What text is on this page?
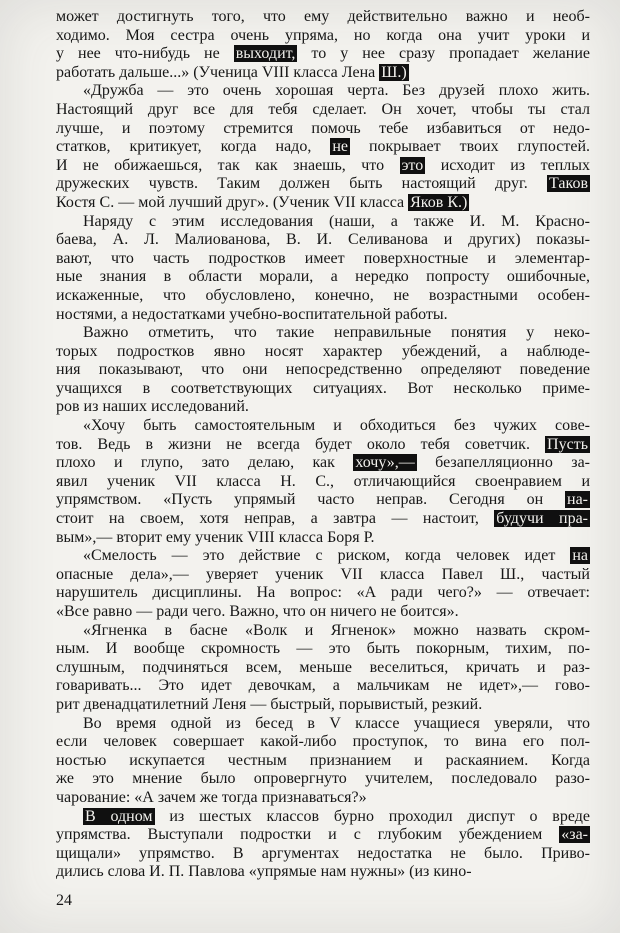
может достигнуть того, что ему действительно важно и необ-
ходимо. Моя сестра очень упряма, но когда она учит уроки и
у нее что-нибудь не выходит, то у нее сразу пропадает желание
работать дальше...» (Ученица VIII класса Лена Ш.)
«Дружба — это очень хорошая черта. Без друзей плохо жить.
Настоящий друг все для тебя сделает. Он хочет, чтобы ты стал
лучше, и поэтому стремится помочь тебе избавиться от недо-
статков, критикует, когда надо, не покрывает твоих глупостей.
И не обижаешься, так как знаешь, что это исходит из теплых
дружеских чувств. Таким должен быть настоящий друг. Таков
Костя С. — мой лучший друг». (Ученик VII класса Яков К.)
Наряду с этим исследования (наши, а также И. М. Красно-
баева, А. Л. Малиованова, В. И. Селиванова и других) показы-
вают, что часть подростков имеет поверхностные и элементар-
ные знания в области морали, а нередко попросту ошибочные,
искаженные, что обусловлено, конечно, не возрастными особен-
ностями, а недостатками учебно-воспитательной работы.
Важно отметить, что такие неправильные понятия у неко-
торых подростков явно носят характер убеждений, а наблюде-
ния показывают, что они непосредственно определяют поведение
учащихся в соответствующих ситуациях. Вот несколько приме-
ров из наших исследований.
«Хочу быть самостоятельным и обходиться без чужих сове-
тов. Ведь в жизни не всегда будет около тебя советчик. Пусть
плохо и глупо, зато делаю, как хочу»,— безапелляционно за-
явил ученик VII класса Н. С., отличающийся своенравием и
упрямством. «Пусть упрямый часто неправ. Сегодня он на-
стоит на своем, хотя неправ, а завтра — настоит, будучи пра-
вым»,— вторит ему ученик VIII класса Боря Р.
«Смелость — это действие с риском, когда человек идет на
опасные дела»,— уверяет ученик VII класса Павел Ш., частый
нарушитель дисциплины. На вопрос: «А ради чего?» — отвечает:
«Все равно — ради чего. Важно, что он ничего не боится».
«Ягненка в басне «Волк и Ягненок» можно назвать скром-
ным. И вообще скромность — это быть покорным, тихим, по-
слушным, подчиняться всем, меньше веселиться, кричать и раз-
говаривать... Это идет девочкам, а мальчикам не идет»,— гово-
рит двенадцатилетний Леня — быстрый, порывистый, резкий.
Во время одной из бесед в V классе учащиеся уверяли, что
если человек совершает какой-либо проступок, то вина его пол-
ностью искупается честным признанием и раскаянием. Когда
же это мнение было опровергнуто учителем, последовало разо-
чарование: «А зачем же тогда признаваться?»
В одном из шестых классов бурно проходил диспут о вреде
упрямства. Выступали подростки и с глубоким убеждением «за-
щищали» упрямство. В аргументах недостатка не было. Приво-
дились слова И. П. Павлова «упрямые нам нужны» (из кино-
24
